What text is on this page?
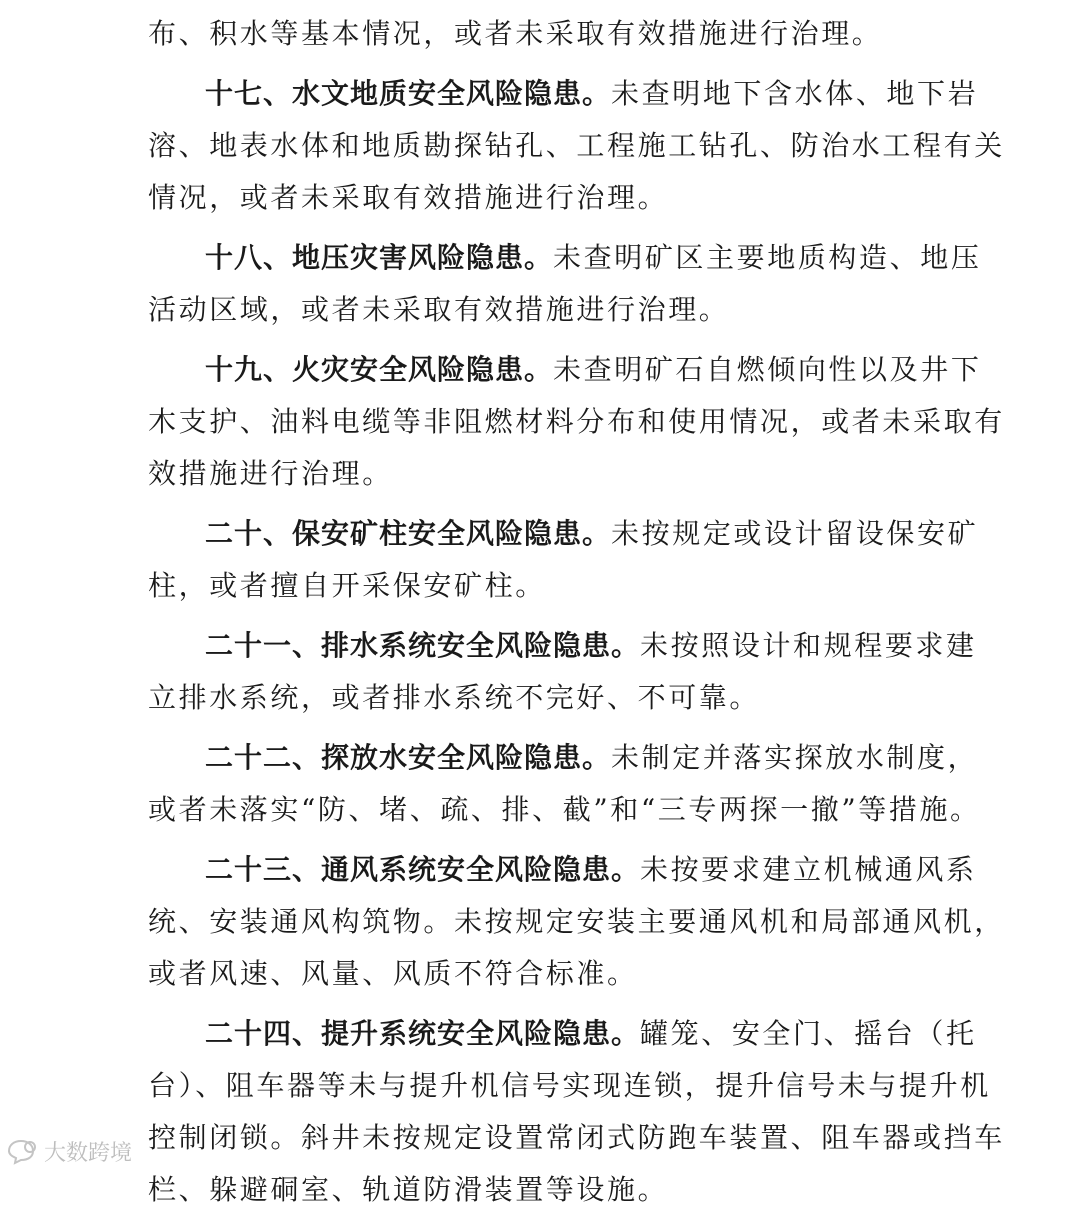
布、积水等基本情况，或者未采取有效措施进行治理。
十七、水文地质安全风险隐患。未查明地下含水体、地下岩
溶、地表水体和地质勘探钻孔、工程施工钻孔、防治水工程有关
情况，或者未采取有效措施进行治理。
十八、地压灾害风险隐患。未查明矿区主要地质构造、地压
活动区域，或者未采取有效措施进行治理。
十九、火灾安全风险隐患。未查明矿石自燃倾向性以及井下
木支护、油料电缆等非阻燃材料分布和使用情况，或者未采取有
效措施进行治理。
二十、保安矿柱安全风险隐患。未按规定或设计留设保安矿
柱，或者擅自开采保安矿柱。
二十一、排水系统安全风险隐患。未按照设计和规程要求建
立排水系统，或者排水系统不完好、不可靠。
二十二、探放水安全风险隐患。未制定并落实探放水制度，
或者未落实“防、堵、疏、排、截”和“三专两探一撤”等措施。
二十三、通风系统安全风险隐患。未按要求建立机械通风系
统、安装通风构筑物。未按规定安装主要通风机和局部通风机，
或者风速、风量、风质不符合标准。
二十四、提升系统安全风险隐患。罐笼、安全门、摇台（托
台）、阻车器等未与提升机信号实现连锁，提升信号未与提升机
控制闭锁。斜井未按规定设置常闭式防跑车装置、阻车器或挡车
栏、躲避硐室、轨道防滑装置等设施。
大数跨境
